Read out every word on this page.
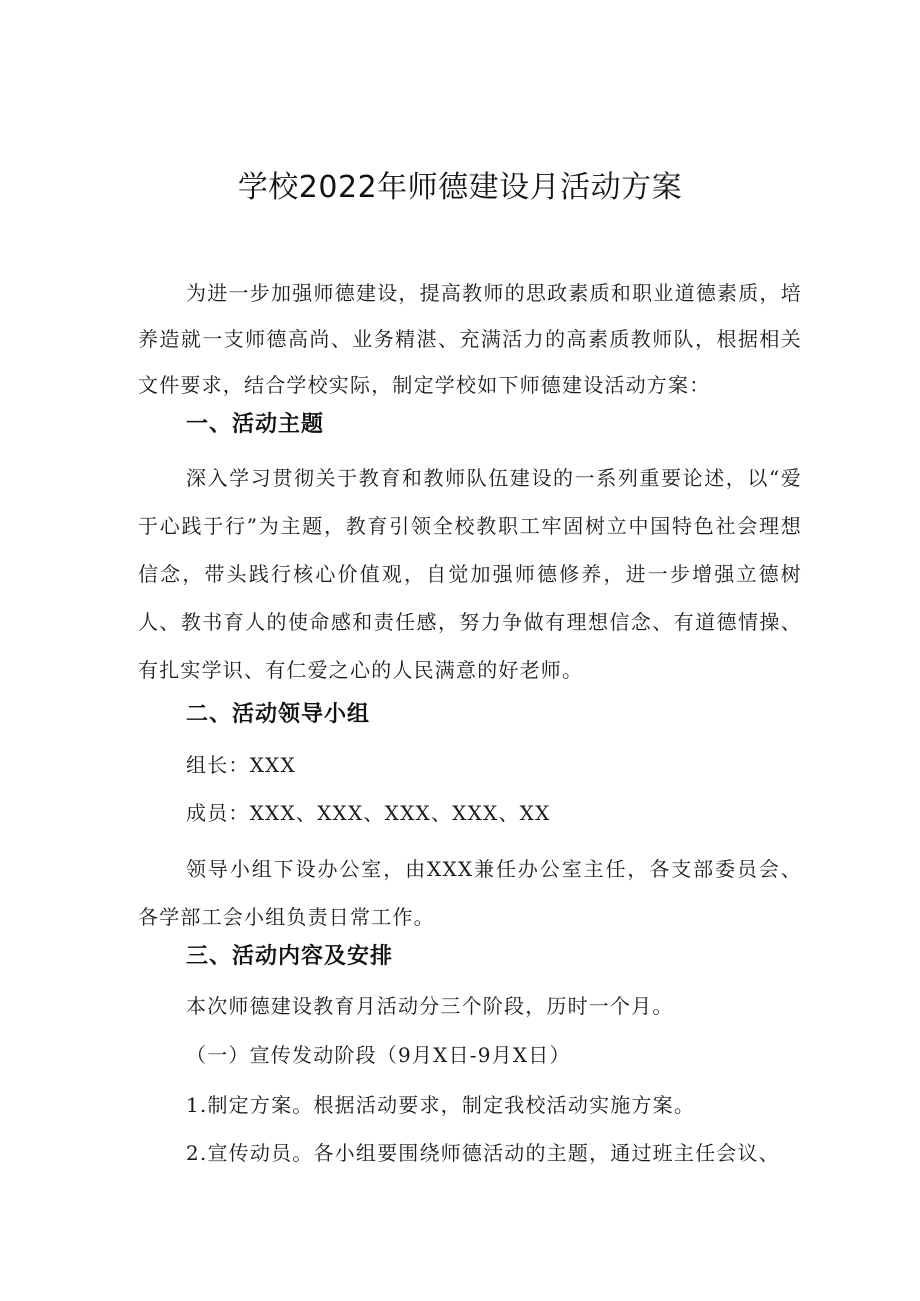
学校2022年师德建设月活动方案

为进一步加强师德建设，提高教师的思政素质和职业道德素质，培养造就一支师德高尚、业务精湛、充满活力的高素质教师队，根据相关文件要求，结合学校实际，制定学校如下师德建设活动方案：

一、活动主题

深入学习贯彻关于教育和教师队伍建设的一系列重要论述，以“爱于心践于行”为主题，教育引领全校教职工牢固树立中国特色社会理想信念，带头践行核心价值观，自觉加强师德修养，进一步增强立德树人、教书育人的使命感和责任感，努力争做有理想信念、有道德情操、有扎实学识、有仁爱之心的人民满意的好老师。

二、活动领导小组
组长：XXX
成员：XXX、XXX、XXX、XXX、XX

领导小组下设办公室，由XXX兼任办公室主任，各支部委员会、各学部工会小组负责日常工作。

三、活动内容及安排
本次师德建设教育月活动分三个阶段，历时一个月。
（一）宣传发动阶段（9月X日-9月X日）
1.制定方案。根据活动要求，制定我校活动实施方案。
2.宣传动员。各小组要围绕师德活动的主题，通过班主任会议、
